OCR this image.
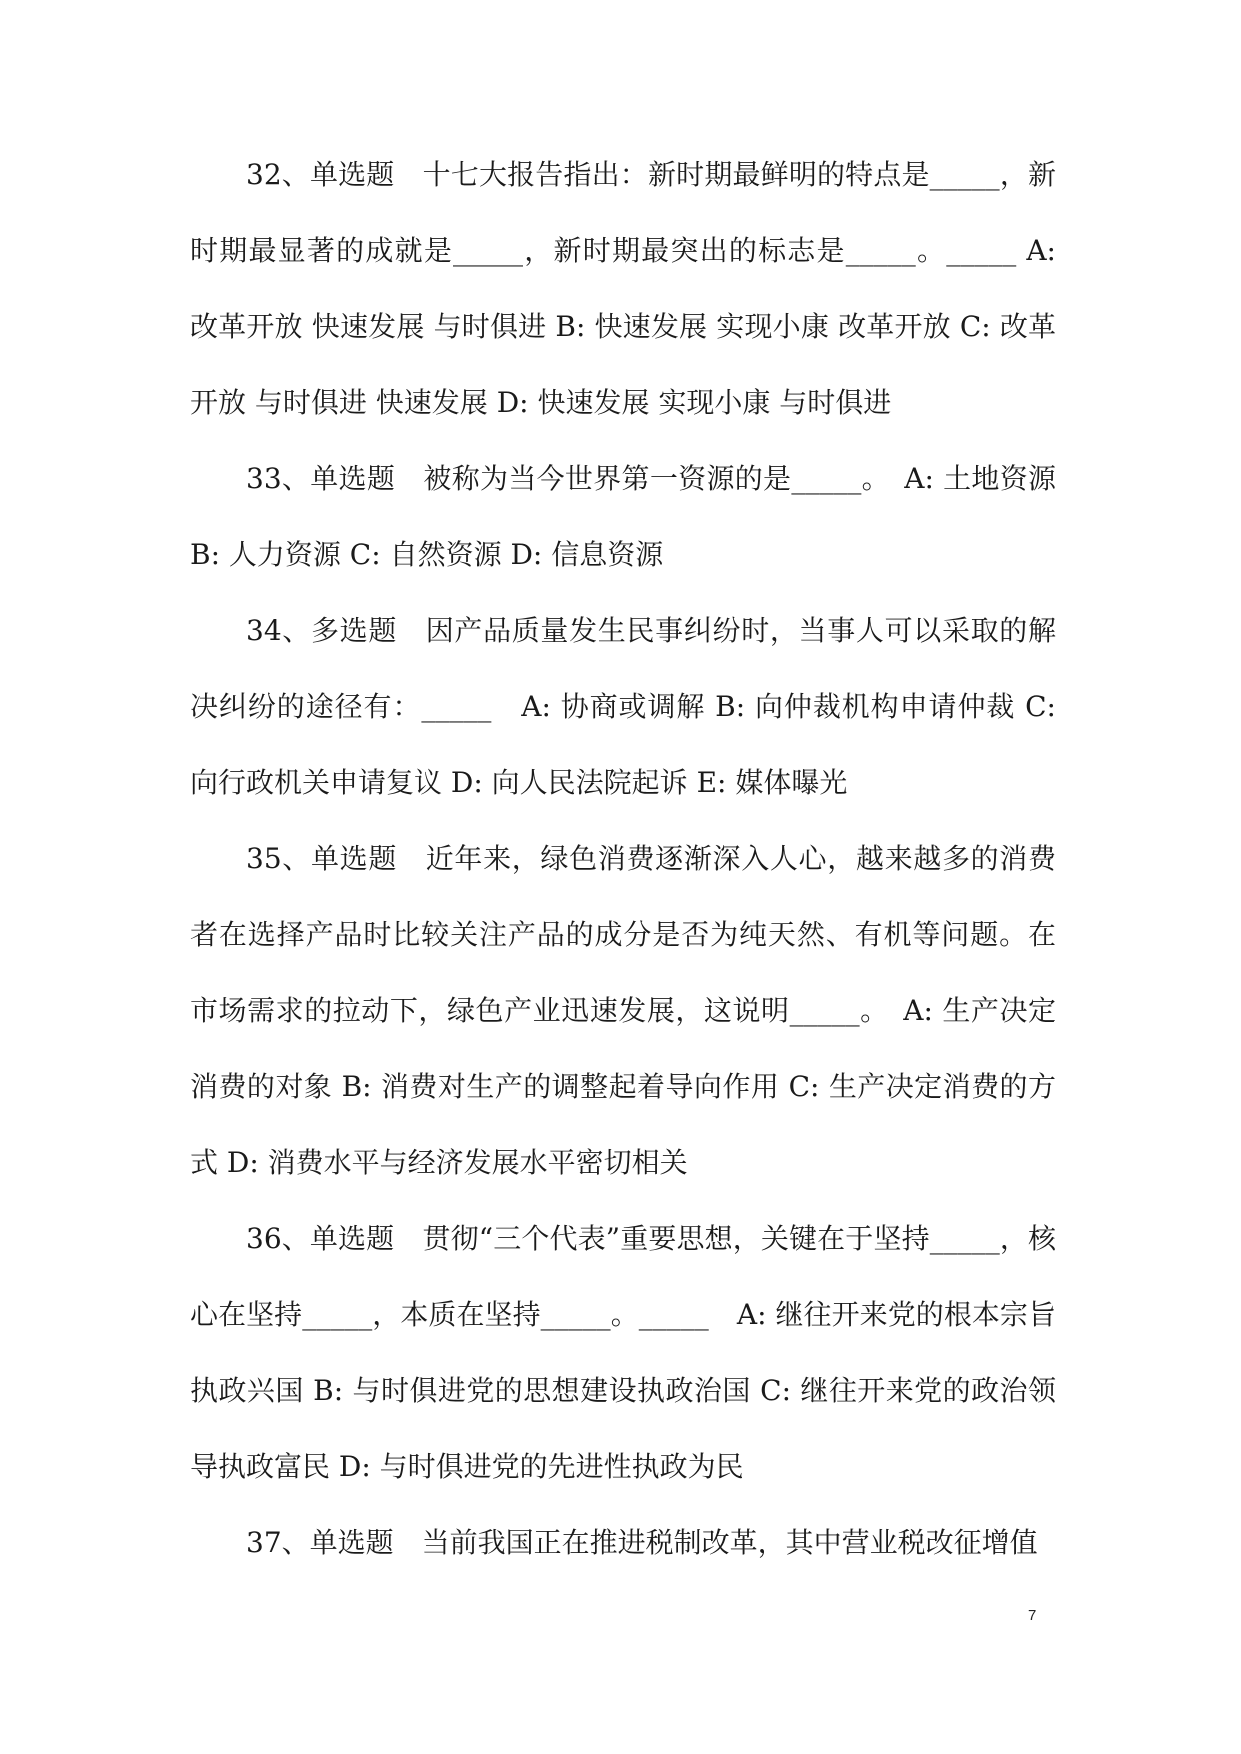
32、单选题　十七大报告指出：新时期最鲜明的特点是_____，新时期最显著的成就是_____，新时期最突出的标志是_____。_____ A: 改革开放 快速发展 与时俱进 B: 快速发展 实现小康 改革开放 C: 改革开放 与时俱进 快速发展 D: 快速发展 实现小康 与时俱进

33、单选题　被称为当今世界第一资源的是_____。　A: 土地资源 B: 人力资源 C: 自然资源 D: 信息资源

34、多选题　因产品质量发生民事纠纷时，当事人可以采取的解决纠纷的途径有：_____　A: 协商或调解 B: 向仲裁机构申请仲裁 C: 向行政机关申请复议 D: 向人民法院起诉 E: 媒体曝光

35、单选题　近年来，绿色消费逐渐深入人心，越来越多的消费者在选择产品时比较关注产品的成分是否为纯天然、有机等问题。在市场需求的拉动下，绿色产业迅速发展，这说明_____。　A: 生产决定消费的对象 B: 消费对生产的调整起着导向作用 C: 生产决定消费的方式 D: 消费水平与经济发展水平密切相关

36、单选题　贯彻“三个代表”重要思想，关键在于坚持_____，核心在坚持_____，本质在坚持_____。_____　A: 继往开来党的根本宗旨执政兴国 B: 与时俱进党的思想建设执政治国 C: 继往开来党的政治领导执政富民 D: 与时俱进党的先进性执政为民

37、单选题　当前我国正在推进税制改革，其中营业税改征增值

7
